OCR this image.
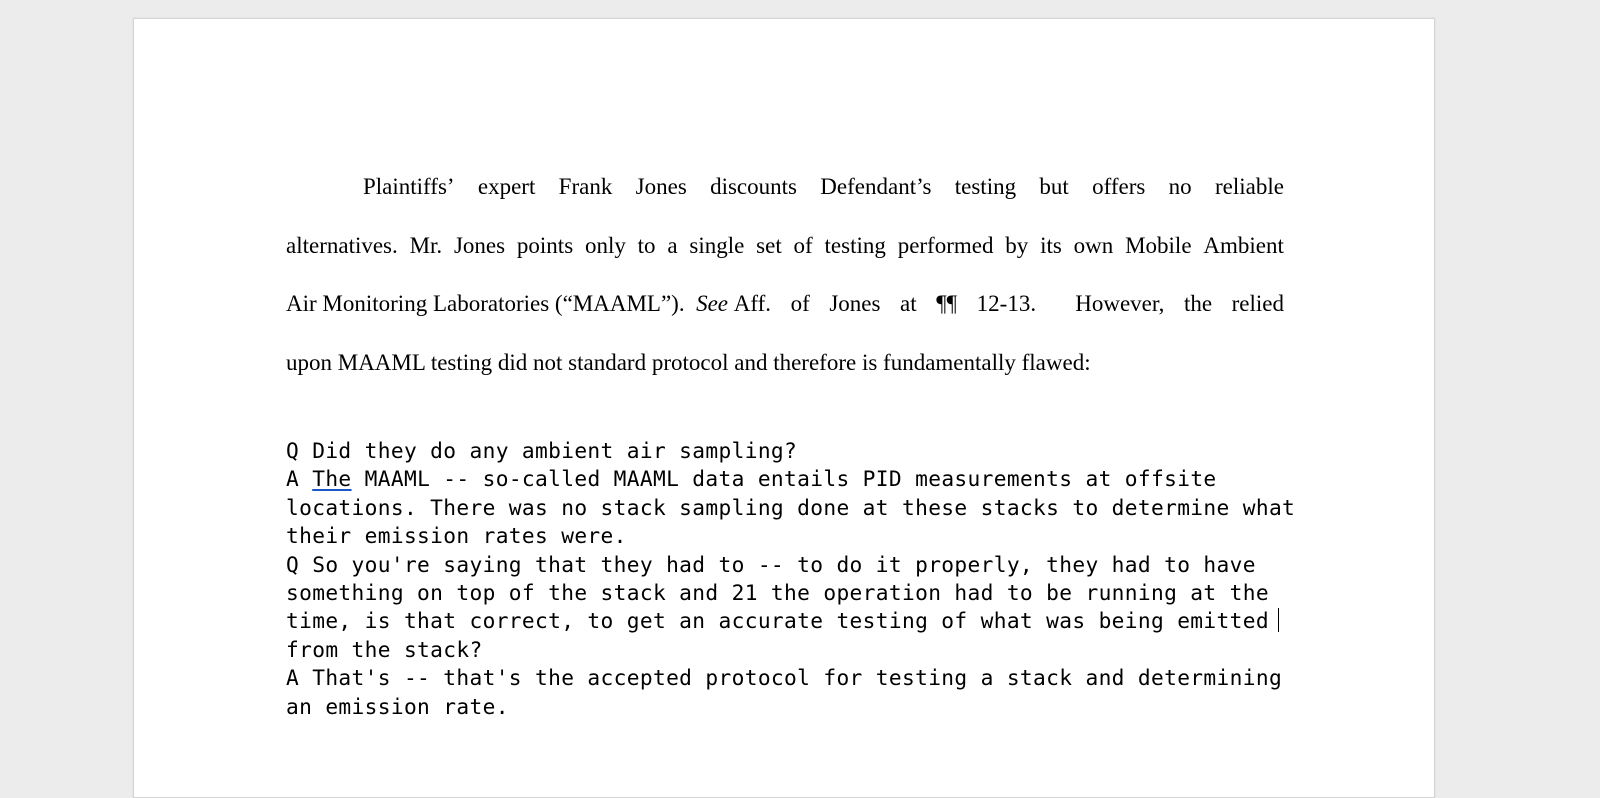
Plaintiffs’ expert Frank Jones discounts Defendant’s testing but offers no reliable
alternatives. Mr. Jones points only to a single set of testing performed by its own Mobile Ambient
Air Monitoring Laboratories (“MAAML”).
See
Aff. of Jones at ¶¶ 12-13.  However, the relied
upon MAAML testing did not standard protocol and therefore is fundamentally flawed:
Q Did they do any ambient air sampling?
A The MAAML -- so-called MAAML data entails PID measurements at offsite
locations. There was no stack sampling done at these stacks to determine what
their emission rates were.
Q So you're saying that they had to -- to do it properly, they had to have
something on top of the stack and 21 the operation had to be running at the
time, is that correct, to get an accurate testing of what was being emitted
from the stack?
A That's -- that's the accepted protocol for testing a stack and determining
an emission rate.
